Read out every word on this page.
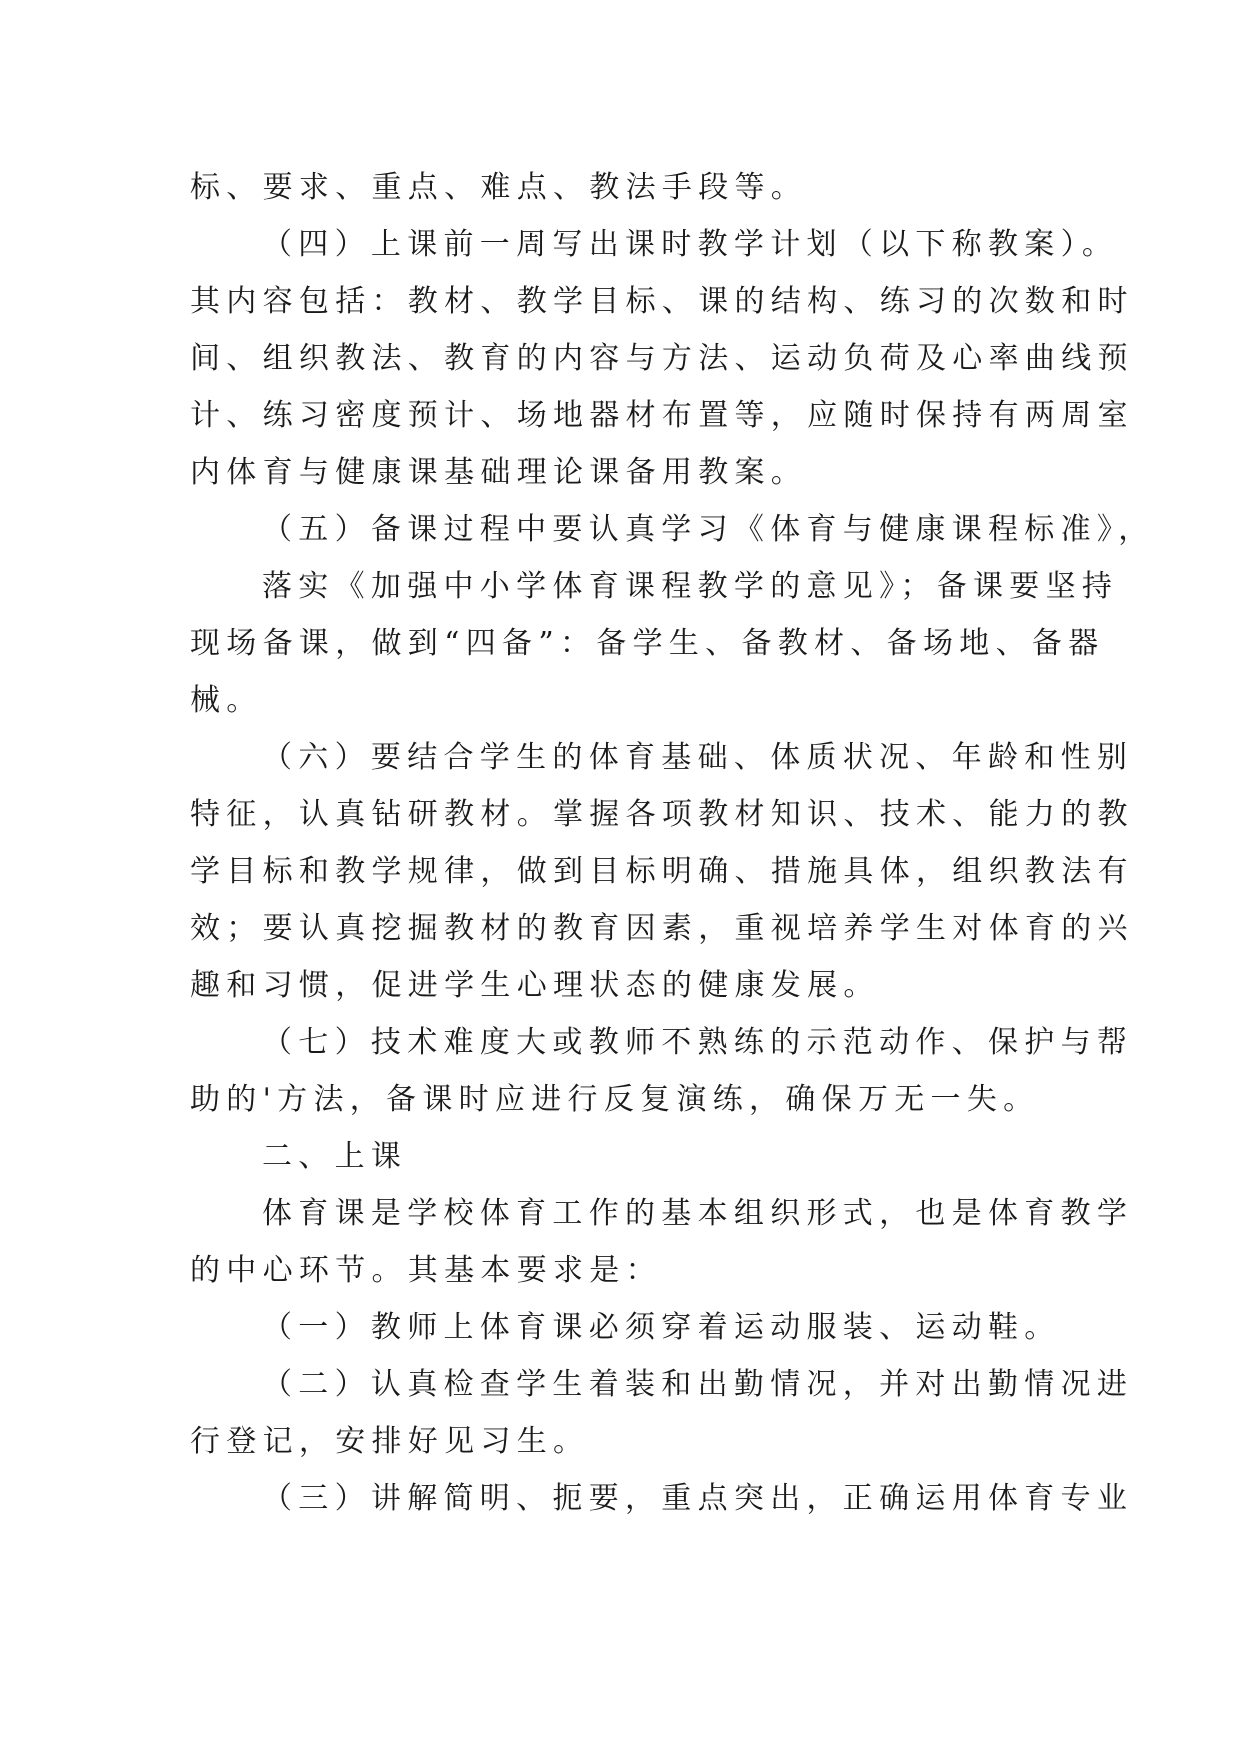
标、要求、重点、难点、教法手段等。
（四）上课前一周写出课时教学计划（以下称教案）。
其内容包括：教材、教学目标、课的结构、练习的次数和时
间、组织教法、教育的内容与方法、运动负荷及心率曲线预
计、练习密度预计、场地器材布置等，应随时保持有两周室
内体育与健康课基础理论课备用教案。
（五）备课过程中要认真学习《体育与健康课程标准》，
落实《加强中小学体育课程教学的意见》；备课要坚持
现场备课，做到“四备”：备学生、备教材、备场地、备器
械。
（六）要结合学生的体育基础、体质状况、年龄和性别
特征，认真钻研教材。掌握各项教材知识、技术、能力的教
学目标和教学规律，做到目标明确、措施具体，组织教法有
效；要认真挖掘教材的教育因素，重视培养学生对体育的兴
趣和习惯，促进学生心理状态的健康发展。
（七）技术难度大或教师不熟练的示范动作、保护与帮
助的'方法，备课时应进行反复演练，确保万无一失。
二、上课
体育课是学校体育工作的基本组织形式，也是体育教学
的中心环节。其基本要求是：
（一）教师上体育课必须穿着运动服装、运动鞋。
（二）认真检查学生着装和出勤情况，并对出勤情况进
行登记，安排好见习生。
（三）讲解简明、扼要，重点突出，正确运用体育专业
